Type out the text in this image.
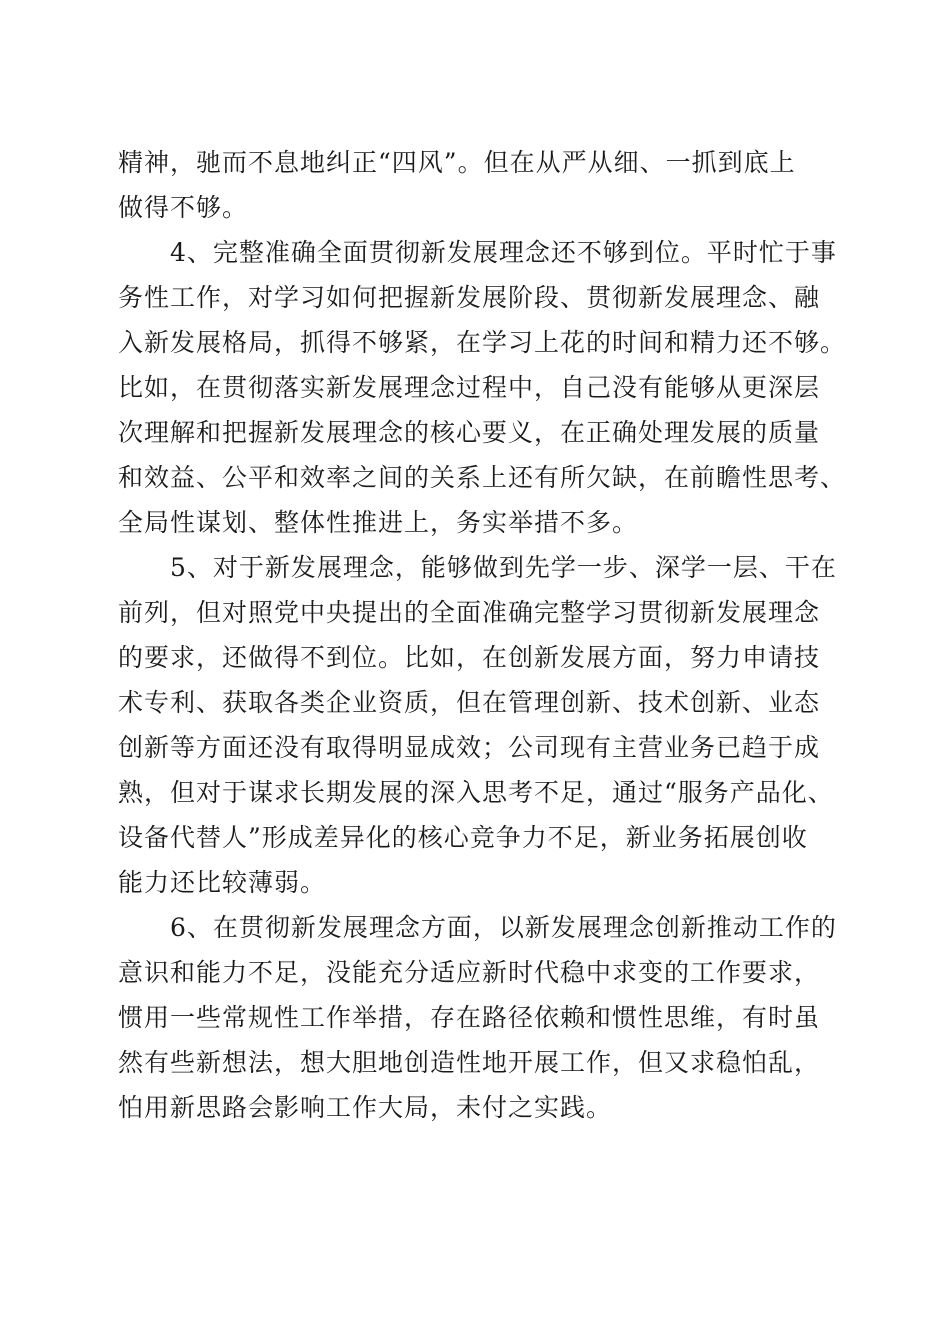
精神，驰而不息地纠正“四风”。但在从严从细、一抓到底上
做得不够。
4、完整准确全面贯彻新发展理念还不够到位。平时忙于事
务性工作，对学习如何把握新发展阶段、贯彻新发展理念、融
入新发展格局，抓得不够紧，在学习上花的时间和精力还不够。
比如，在贯彻落实新发展理念过程中，自己没有能够从更深层
次理解和把握新发展理念的核心要义，在正确处理发展的质量
和效益、公平和效率之间的关系上还有所欠缺，在前瞻性思考、
全局性谋划、整体性推进上，务实举措不多。
5、对于新发展理念，能够做到先学一步、深学一层、干在
前列，但对照党中央提出的全面准确完整学习贯彻新发展理念
的要求，还做得不到位。比如，在创新发展方面，努力申请技
术专利、获取各类企业资质，但在管理创新、技术创新、业态
创新等方面还没有取得明显成效；公司现有主营业务已趋于成
熟，但对于谋求长期发展的深入思考不足，通过“服务产品化、
设备代替人”形成差异化的核心竞争力不足，新业务拓展创收
能力还比较薄弱。
6、在贯彻新发展理念方面，以新发展理念创新推动工作的
意识和能力不足，没能充分适应新时代稳中求变的工作要求，
惯用一些常规性工作举措，存在路径依赖和惯性思维，有时虽
然有些新想法，想大胆地创造性地开展工作，但又求稳怕乱，
怕用新思路会影响工作大局，未付之实践。
